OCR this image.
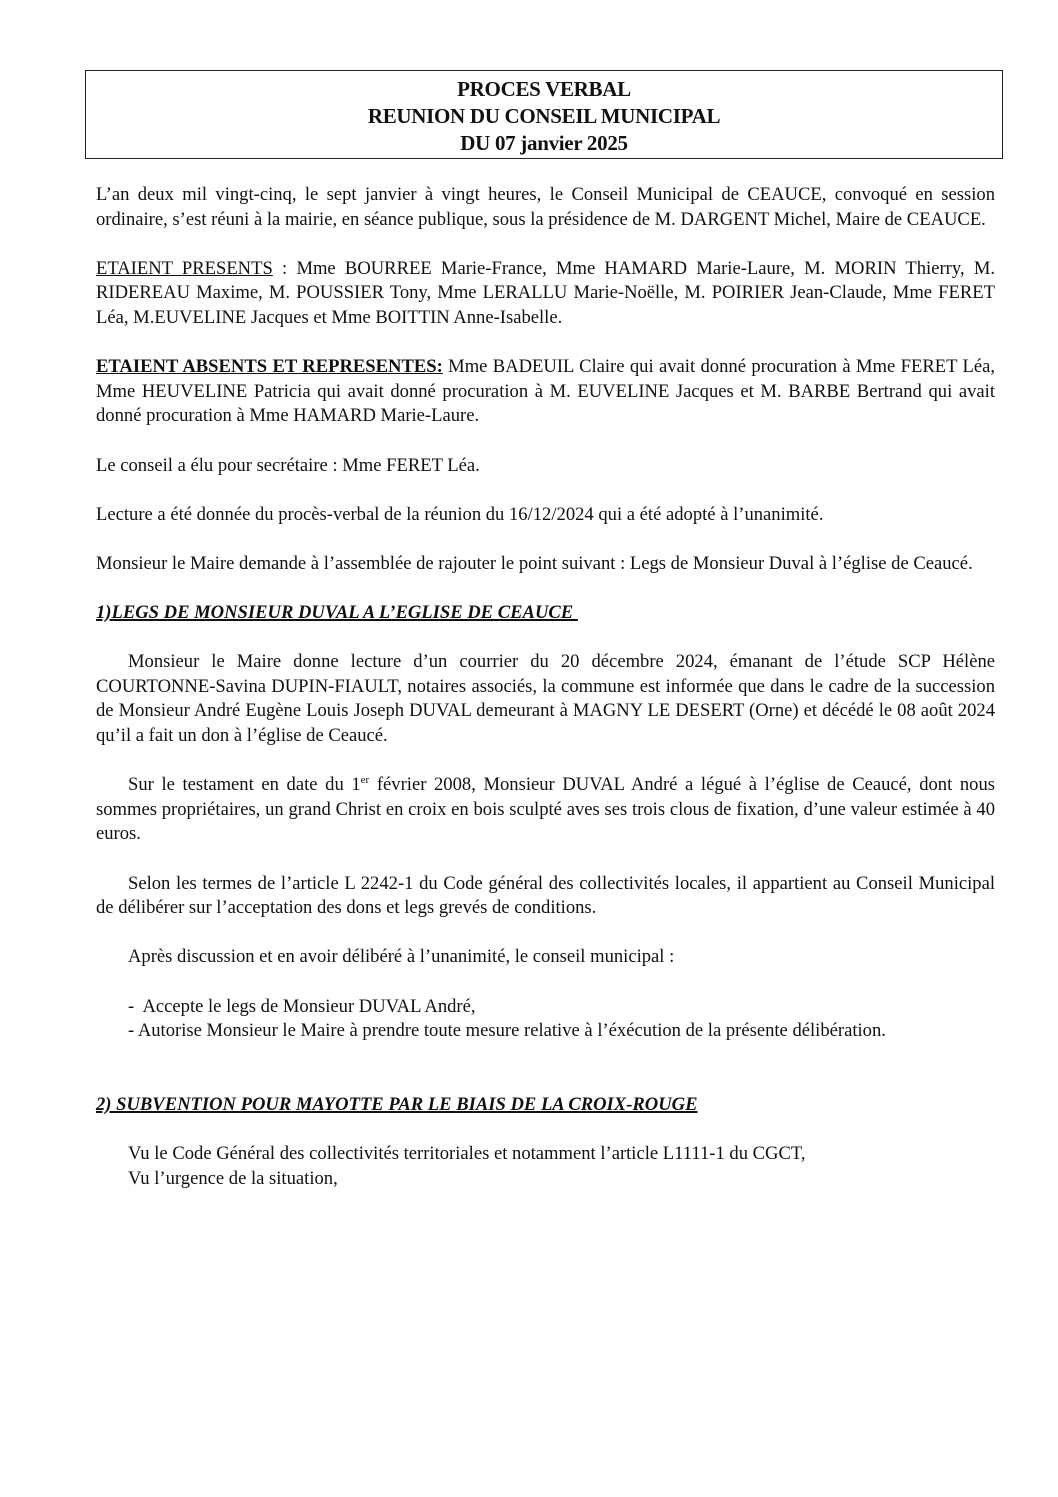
PROCES VERBAL
REUNION DU CONSEIL MUNICIPAL
DU 07 janvier 2025

L’an deux mil vingt-cinq, le sept janvier à vingt heures, le Conseil Municipal de CEAUCE, convoqué en session ordinaire, s’est réuni à la mairie, en séance publique, sous la présidence de M. DARGENT Michel, Maire de CEAUCE.

ETAIENT PRESENTS : Mme BOURREE Marie-France, Mme HAMARD Marie-Laure, M. MORIN Thierry, M. RIDEREAU Maxime, M. POUSSIER Tony, Mme LERALLU Marie-Noëlle, M. POIRIER Jean-Claude, Mme FERET Léa, M.EUVELINE Jacques et Mme BOITTIN Anne-Isabelle.

ETAIENT ABSENTS ET REPRESENTES: Mme BADEUIL Claire qui avait donné procuration à Mme FERET Léa, Mme HEUVELINE Patricia qui avait donné procuration à M. EUVELINE Jacques et M. BARBE Bertrand qui avait donné procuration à Mme HAMARD Marie-Laure.

Le conseil a élu pour secrétaire : Mme FERET Léa.

Lecture a été donnée du procès-verbal de la réunion du 16/12/2024 qui a été adopté à l’unanimité.

Monsieur le Maire demande à l’assemblée de rajouter le point suivant : Legs de Monsieur Duval à l’église de Ceaucé.

1)LEGS DE MONSIEUR DUVAL A L’EGLISE DE CEAUCE

Monsieur le Maire donne lecture d’un courrier du 20 décembre 2024, émanant de l’étude SCP Hélène COURTONNE-Savina DUPIN-FIAULT, notaires associés, la commune est informée que dans le cadre de la succession de Monsieur André Eugène Louis Joseph DUVAL demeurant à MAGNY LE DESERT (Orne) et décédé le 08 août 2024 qu’il a fait un don à l’église de Ceaucé.

Sur le testament en date du 1er février 2008, Monsieur DUVAL André a légué à l’église de Ceaucé, dont nous sommes propriétaires, un grand Christ en croix en bois sculpté aves ses trois clous de fixation, d’une valeur estimée à 40 euros.

Selon les termes de l’article L 2242-1 du Code général des collectivités locales, il appartient au Conseil Municipal de délibérer sur l’acceptation des dons et legs grevés de conditions.

Après discussion et en avoir délibéré à l’unanimité, le conseil municipal :

-  Accepte le legs de Monsieur DUVAL André,

- Autorise Monsieur le Maire à prendre toute mesure relative à l’éxécution de la présente délibération.

2) SUBVENTION POUR MAYOTTE PAR LE BIAIS DE LA CROIX-ROUGE

Vu le Code Général des collectivités territoriales et notamment l’article L1111-1 du CGCT,

Vu l’urgence de la situation,
